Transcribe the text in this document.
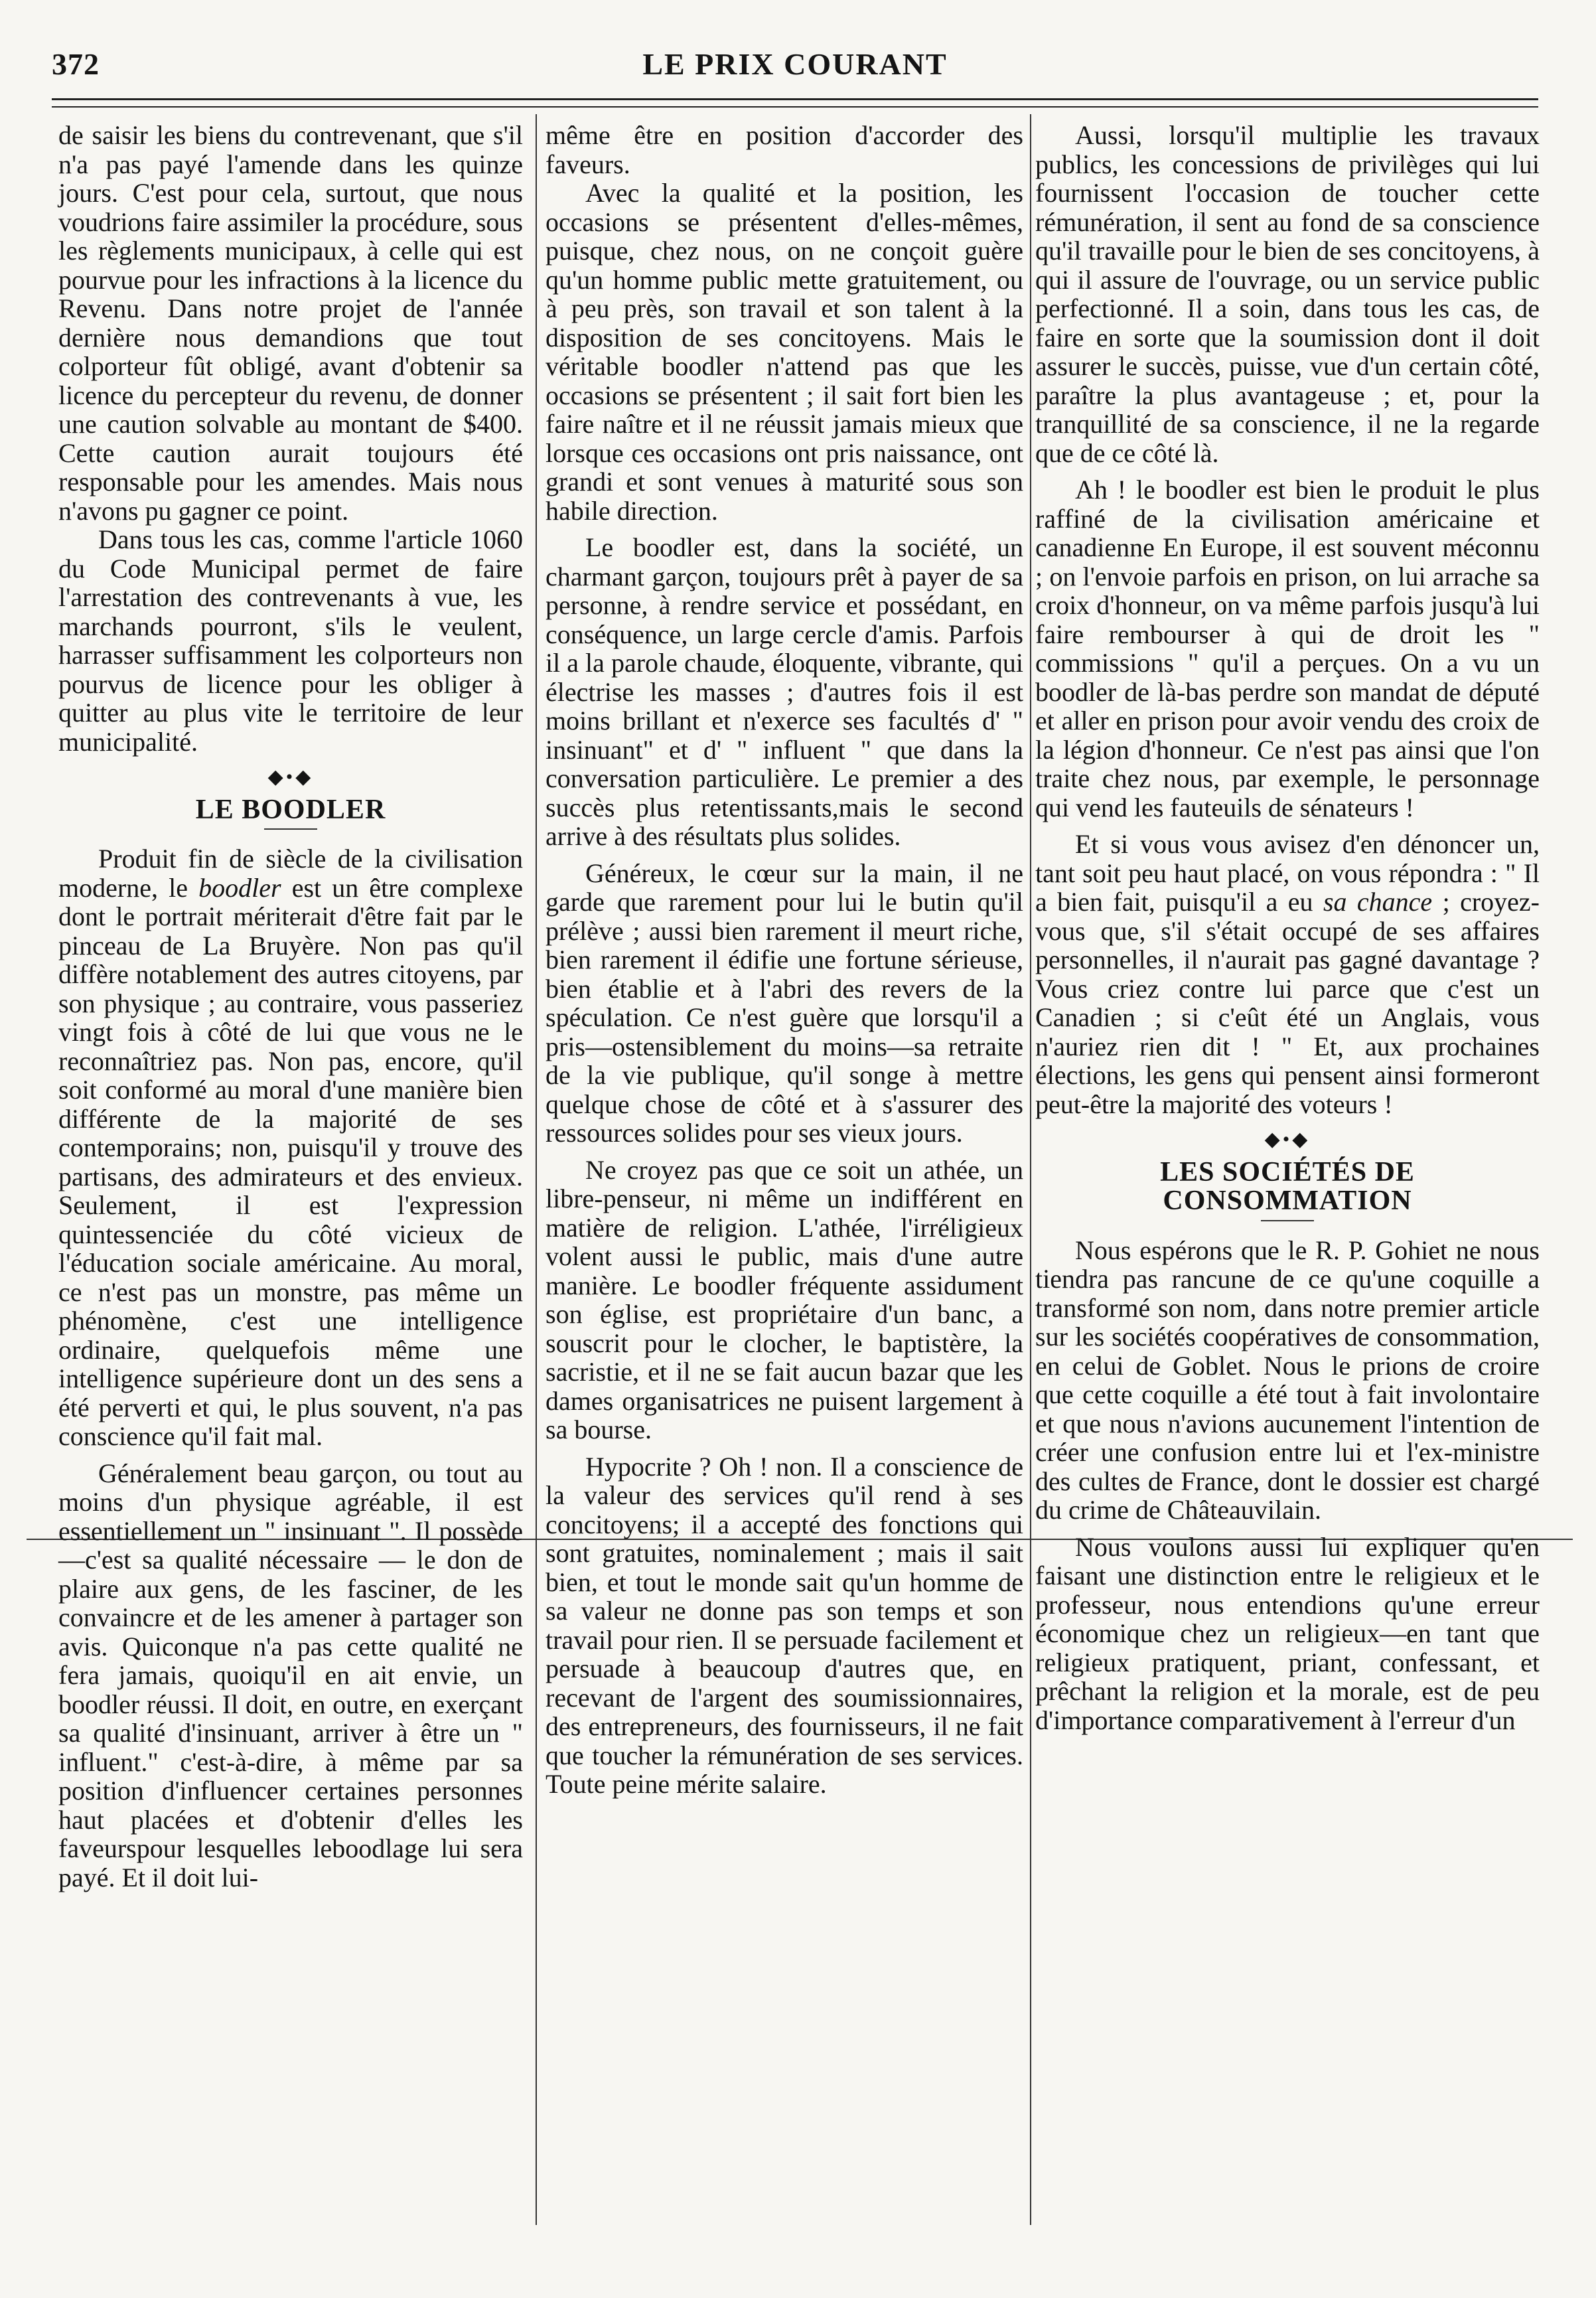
372	LE PRIX COURANT

de saisir les biens du contrevenant, que s'il n'a pas payé l'amende dans les quinze jours. C'est pour cela, surtout, que nous voudrions faire assimiler la procédure, sous les règlements municipaux, à celle qui est pourvue pour les infractions à la licence du Revenu. Dans notre projet de l'année dernière nous demandions que tout colporteur fût obligé, avant d'obtenir sa licence du percepteur du revenu, de donner une caution solvable au montant de $400. Cette caution aurait toujours été responsable pour les amendes. Mais nous n'avons pu gagner ce point.

Dans tous les cas, comme l'article 1060 du Code Municipal permet de faire l'arrestation des contrevenants à vue, les marchands pourront, s'ils le veulent, harrasser suffisamment les colporteurs non pourvus de licence pour les obliger à quitter au plus vite le territoire de leur municipalité.

◆•◆
LE BOODLER

Produit fin de siècle de la civilisation moderne, le boodler est un être complexe dont le portrait mériterait d'être fait par le pinceau de La Bruyère. Non pas qu'il diffère notablement des autres citoyens, par son physique ; au contraire, vous passeriez vingt fois à côté de lui que vous ne le reconnaîtriez pas. Non pas, encore, qu'il soit conformé au moral d'une manière bien différente de la majorité de ses contemporains; non, puisqu'il y trouve des partisans, des admirateurs et des envieux. Seulement, il est l'expression quintessenciée du côté vicieux de l'éducation sociale américaine. Au moral, ce n'est pas un monstre, pas même un phénomène, c'est une intelligence ordinaire, quelquefois même une intelligence supérieure dont un des sens a été perverti et qui, le plus souvent, n'a pas conscience qu'il fait mal.

Généralement beau garçon, ou tout au moins d'un physique agréable, il est essentiellement un " insinuant ". Il possède—c'est sa qualité nécessaire — le don de plaire aux gens, de les fasciner, de les convaincre et de les amener à partager son avis. Quiconque n'a pas cette qualité ne fera jamais, quoiqu'il en ait envie, un boodler réussi. Il doit, en outre, en exerçant sa qualité d'insinuant, arriver à être un " influent." c'est-à-dire, à même par sa position d'influencer certaines personnes haut placées et d'obtenir d'elles les faveurspour lesquelles leboodlage lui sera payé. Et il doit lui-

même être en position d'accorder des faveurs.

Avec la qualité et la position, les occasions se présentent d'elles-mêmes, puisque, chez nous, on ne conçoit guère qu'un homme public mette gratuitement, ou à peu près, son travail et son talent à la disposition de ses concitoyens. Mais le véritable boodler n'attend pas que les occasions se présentent ; il sait fort bien les faire naître et il ne réussit jamais mieux que lorsque ces occasions ont pris naissance, ont grandi et sont venues à maturité sous son habile direction.

Le boodler est, dans la société, un charmant garçon, toujours prêt à payer de sa personne, à rendre service et possédant, en conséquence, un large cercle d'amis. Parfois il a la parole chaude, éloquente, vibrante, qui électrise les masses ; d'autres fois il est moins brillant et n'exerce ses facultés d' " insinuant" et d' " influent " que dans la conversation particulière. Le premier a des succès plus retentissants,mais le second arrive à des résultats plus solides.

Généreux, le cœur sur la main, il ne garde que rarement pour lui le butin qu'il prélève ; aussi bien rarement il meurt riche, bien rarement il édifie une fortune sérieuse, bien établie et à l'abri des revers de la spéculation. Ce n'est guère que lorsqu'il a pris—ostensiblement du moins—sa retraite de la vie publique, qu'il songe à mettre quelque chose de côté et à s'assurer des ressources solides pour ses vieux jours.

Ne croyez pas que ce soit un athée, un libre-penseur, ni même un indifférent en matière de religion. L'athée, l'irréligieux volent aussi le public, mais d'une autre manière. Le boodler fréquente assidument son église, est propriétaire d'un banc, a souscrit pour le clocher, le baptistère, la sacristie, et il ne se fait aucun bazar que les dames organisatrices ne puisent largement à sa bourse.

Hypocrite ? Oh ! non. Il a conscience de la valeur des services qu'il rend à ses concitoyens; il a accepté des fonctions qui sont gratuites, nominalement ; mais il sait bien, et tout le monde sait qu'un homme de sa valeur ne donne pas son temps et son travail pour rien. Il se persuade facilement et persuade à beaucoup d'autres que, en recevant de l'argent des soumissionnaires, des entrepreneurs, des fournisseurs, il ne fait que toucher la rémunération de ses services. Toute peine mérite salaire.

Aussi, lorsqu'il multiplie les travaux publics, les concessions de privilèges qui lui fournissent l'occasion de toucher cette rémunération, il sent au fond de sa conscience qu'il travaille pour le bien de ses concitoyens, à qui il assure de l'ouvrage, ou un service public perfectionné. Il a soin, dans tous les cas, de faire en sorte que la soumission dont il doit assurer le succès, puisse, vue d'un certain côté, paraître la plus avantageuse ; et, pour la tranquillité de sa conscience, il ne la regarde que de ce côté là.

Ah ! le boodler est bien le produit le plus raffiné de la civilisation américaine et canadienne En Europe, il est souvent méconnu ; on l'envoie parfois en prison, on lui arrache sa croix d'honneur, on va même parfois jusqu'à lui faire rembourser à qui de droit les " commissions " qu'il a perçues. On a vu un boodler de là-bas perdre son mandat de député et aller en prison pour avoir vendu des croix de la légion d'honneur. Ce n'est pas ainsi que l'on traite chez nous, par exemple, le personnage qui vend les fauteuils de sénateurs !

Et si vous vous avisez d'en dénoncer un, tant soit peu haut placé, on vous répondra : " Il a bien fait, puisqu'il a eu sa chance ; croyez-vous que, s'il s'était occupé de ses affaires personnelles, il n'aurait pas gagné davantage ? Vous criez contre lui parce que c'est un Canadien ; si c'eût été un Anglais, vous n'auriez rien dit ! " Et, aux prochaines élections, les gens qui pensent ainsi formeront peut-être la majorité des voteurs !

◆•◆
LES SOCIÉTÉS DE CONSOMMATION

Nous espérons que le R. P. Gohiet ne nous tiendra pas rancune de ce qu'une coquille a transformé son nom, dans notre premier article sur les sociétés coopératives de consommation, en celui de Goblet. Nous le prions de croire que cette coquille a été tout à fait involontaire et que nous n'avions aucunement l'intention de créer une confusion entre lui et l'ex-ministre des cultes de France, dont le dossier est chargé du crime de Châteauvilain.

Nous voulons aussi lui expliquer qu'en faisant une distinction entre le religieux et le professeur, nous entendions qu'une erreur économique chez un religieux—en tant que religieux pratiquent, priant, confessant, et prêchant la religion et la morale, est de peu d'importance comparativement à l'erreur d'un
